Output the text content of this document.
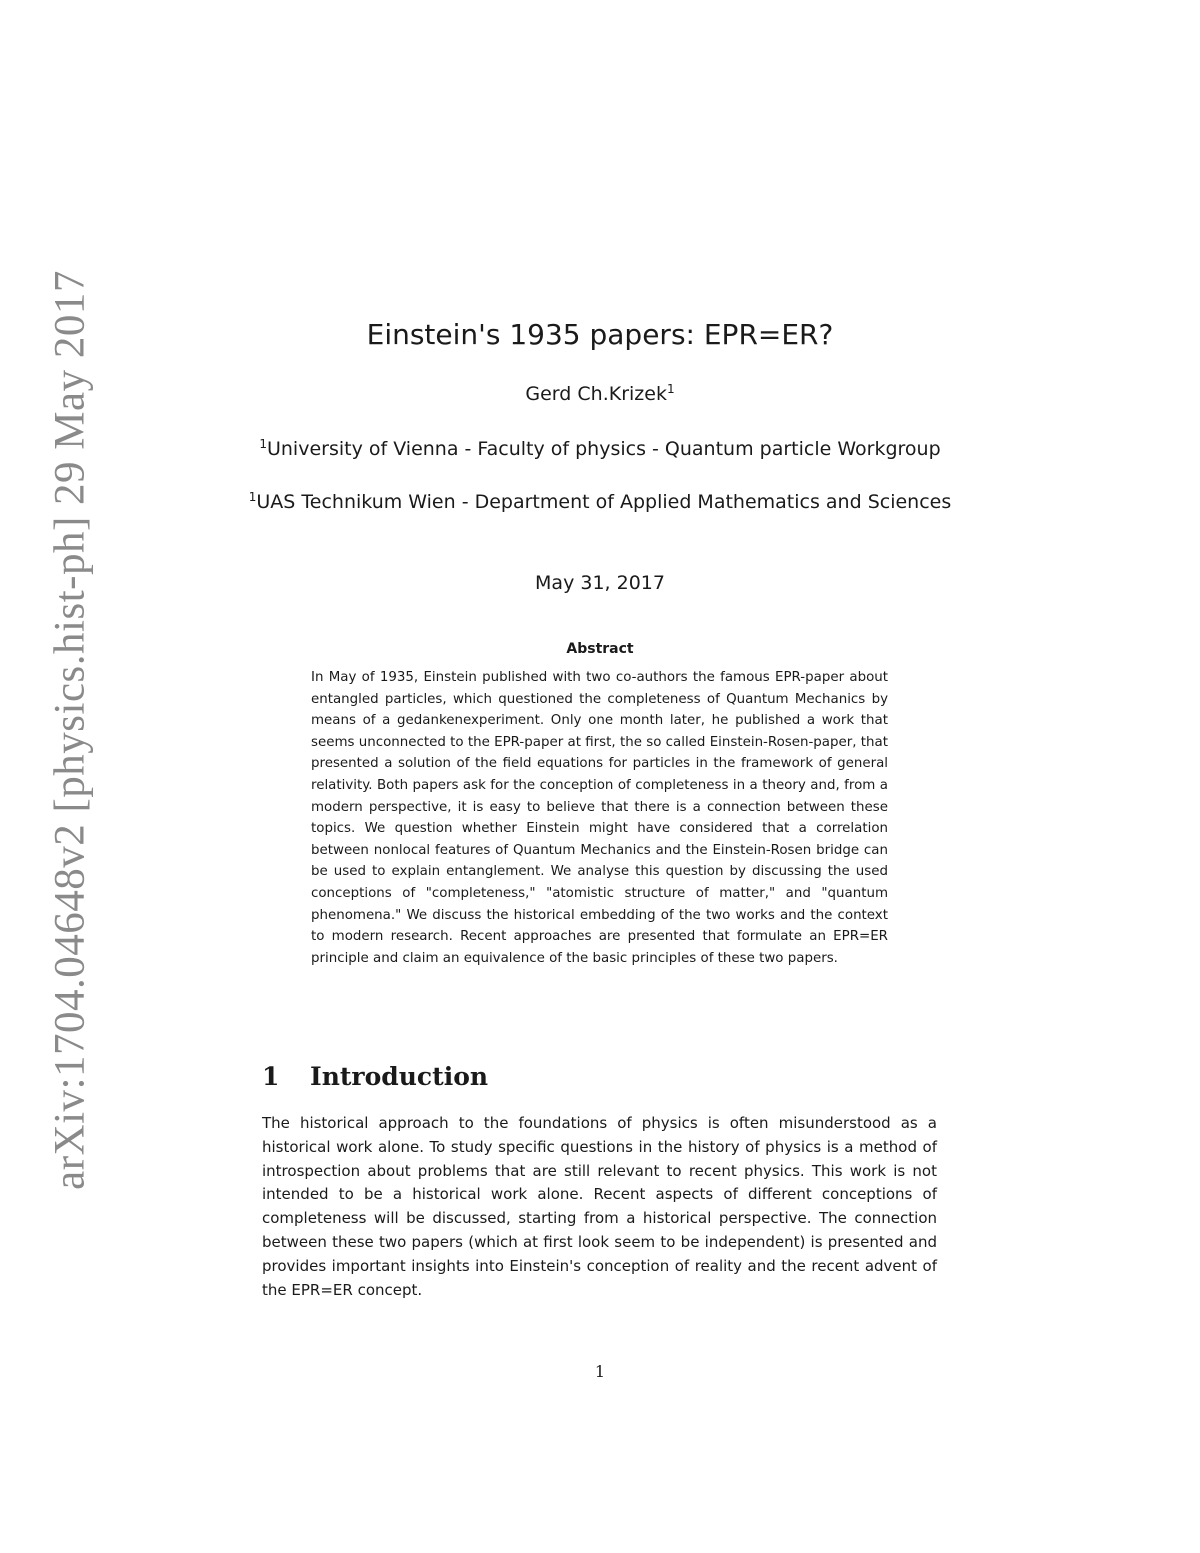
arXiv:1704.04648v2 [physics.hist-ph] 29 May 2017	Einstein's 1935 papers: EPR=ER?
Gerd Ch.Krizek$^1$
$^1$University of Vienna - Faculty of physics - Quantum particle Workgroup
$^1$UAS Technikum Wien - Department of Applied Mathematics and Sciences
May 31, 2017
Abstract
In May of 1935, Einstein published with two co-authors the famous EPR-paper about entangled particles, which questioned the completeness of Quantum Mechanics by means of a gedankenexperiment. Only one month later, he published a work that seems unconnected to the EPR-paper at first, the so called Einstein-Rosen-paper, that presented a solution of the field equations for particles in the framework of general relativity. Both papers ask for the conception of completeness in a theory and, from a modern perspective, it is easy to believe that there is a connection between these topics. We question whether Einstein might have considered that a correlation between nonlocal features of Quantum Mechanics and the Einstein-Rosen bridge can be used to explain entanglement. We analyse this question by discussing the used conceptions of "completeness," "atomistic structure of matter," and "quantum phenomena." We discuss the historical embedding of the two works and the context to modern research. Recent approaches are presented that formulate an EPR=ER principle and claim an equivalence of the basic principles of these two papers.
1 Introduction
The historical approach to the foundations of physics is often misunderstood as a historical work alone. To study specific questions in the history of physics is a method of introspection about problems that are still relevant to recent physics. This work is not intended to be a historical work alone. Recent aspects of different conceptions of completeness will be discussed, starting from a historical perspective. The connection between these two papers (which at first look seem to be independent) is presented and provides important insights into Einstein's conception of reality and the recent advent of the EPR=ER concept.
1
